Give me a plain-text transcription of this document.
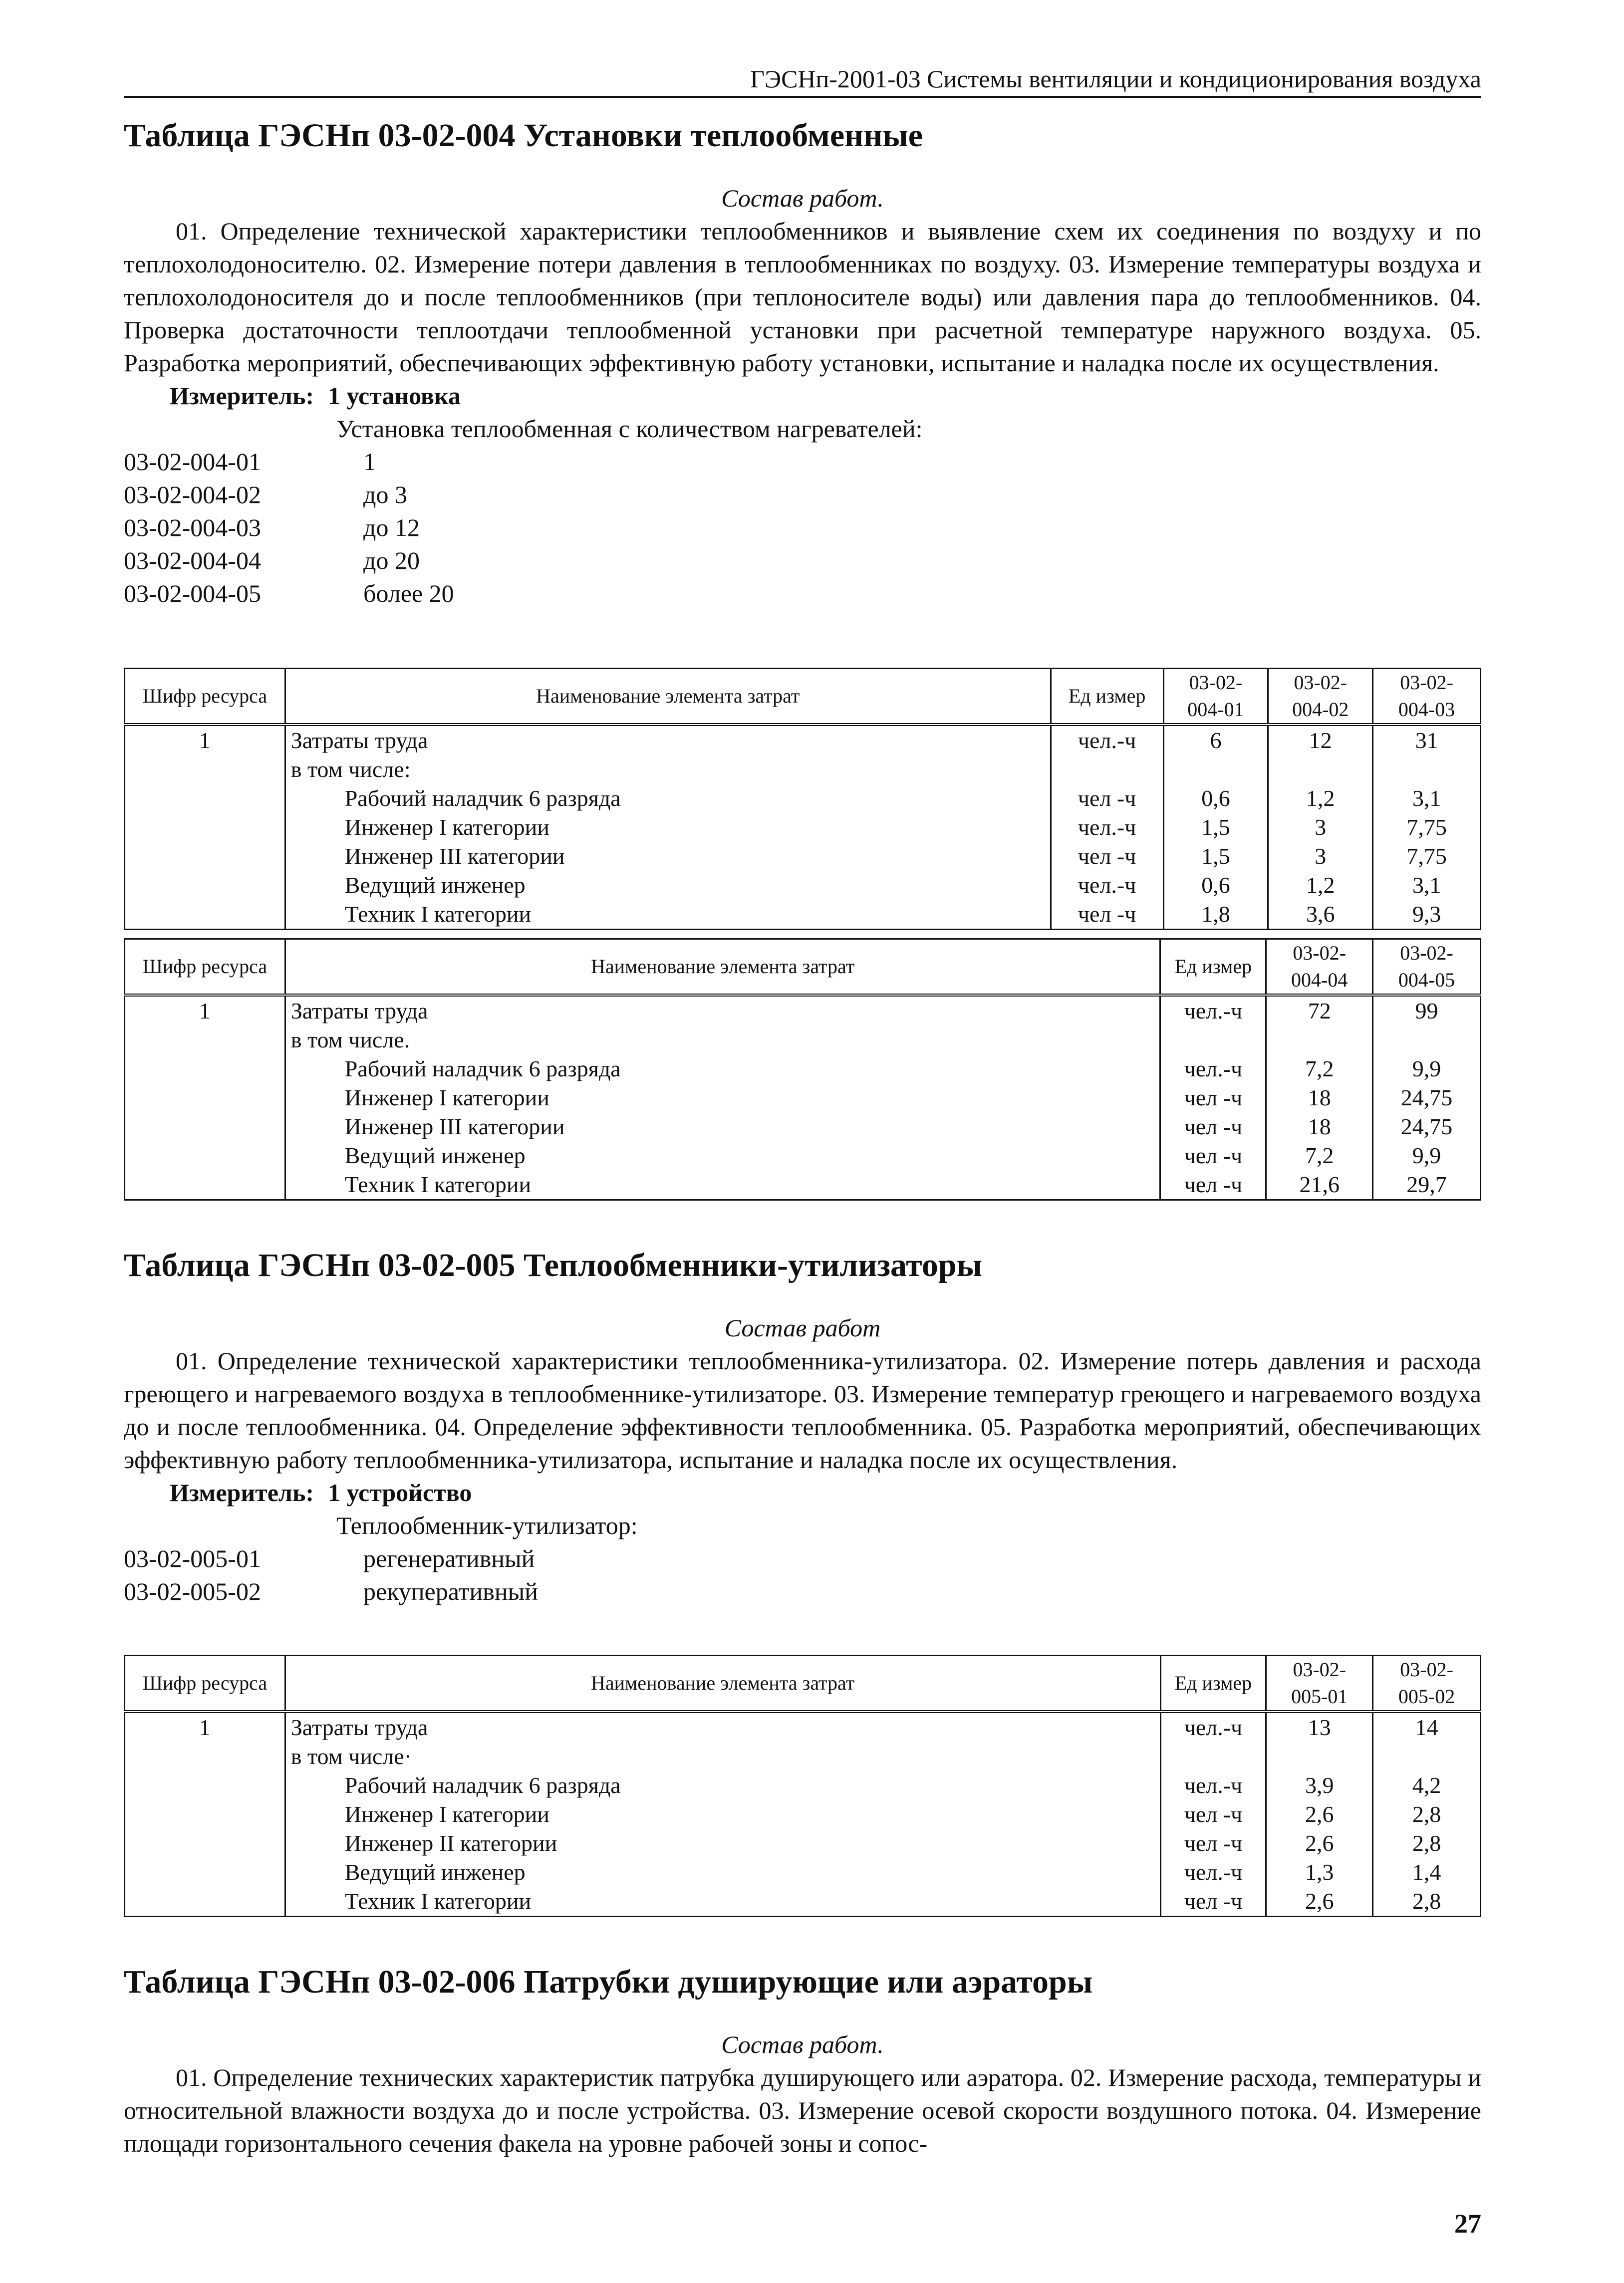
ГЭСНп-2001-03 Системы вентиляции и кондиционирования воздуха
Таблица ГЭСНп 03-02-004 Установки теплообменные

Состав работ.

01. Определение технической характеристики теплообменников и выявление схем их соединения по воздуху и по теплохолодоносителю. 02. Измерение потери давления в теплообменниках по воздуху. 03. Измерение температуры воздуха и теплохолодоносителя до и после теплообменников (при теплоносителе воды) или давления пара до теплообменников. 04. Проверка достаточности теплоотдачи теплообменной установки при расчетной температуре наружного воздуха. 05. Разработка мероприятий, обеспечивающих эффективную работу установки, испытание и наладка после их осуществления.

Измеритель: 1 установка

Установка теплообменная с количеством нагревателей:

03-02-004-01	1

03-02-004-02	до 3

03-02-004-03	до 12

03-02-004-04	до 20

03-02-004-05	более 20

Шифр ресурса	Наименование элемента затрат	Ед измер	03-02-
004-01	03-02-
004-02	03-02-
004-03
1	Затраты труда	чел.-ч	6	12	31
	в том числе:				
	Рабочий наладчик 6 разряда	чел -ч	0,6	1,2	3,1
	Инженер I категории	чел.-ч	1,5	3	7,75
	Инженер III категории	чел -ч	1,5	3	7,75
	Ведущий инженер	чел.-ч	0,6	1,2	3,1
	Техник I категории	чел -ч	1,8	3,6	9,3
Шифр ресурса	Наименование элемента затрат	Ед измер	03-02-
004-04	03-02-
004-05
1	Затраты труда	чел.-ч	72	99
	в том числе.			
	Рабочий наладчик 6 разряда	чел.-ч	7,2	9,9
	Инженер I категории	чел -ч	18	24,75
	Инженер III категории	чел -ч	18	24,75
	Ведущий инженер	чел -ч	7,2	9,9
	Техник I категории	чел -ч	21,6	29,7
Таблица ГЭСНп 03-02-005 Теплообменники-утилизаторы

Состав работ

01. Определение технической характеристики теплообменника-утилизатора. 02. Измерение потерь давления и расхода греющего и нагреваемого воздуха в теплообменнике-утилизаторе. 03. Измерение температур греющего и нагреваемого воздуха до и после теплообменника. 04. Определение эффективности теплообменника. 05. Разработка мероприятий, обеспечивающих эффективную работу теплообменника-утилизатора, испытание и наладка после их осуществления.

Измеритель: 1 устройство

Теплообменник-утилизатор:

03-02-005-01	регенеративный

03-02-005-02	рекуперативный

Шифр ресурса	Наименование элемента затрат	Ед измер	03-02-
005-01	03-02-
005-02
1	Затраты труда	чел.-ч	13	14
	в том числе·			
	Рабочий наладчик 6 разряда	чел.-ч	3,9	4,2
	Инженер I категории	чел -ч	2,6	2,8
	Инженер II категории	чел -ч	2,6	2,8
	Ведущий инженер	чел.-ч	1,3	1,4
	Техник I категории	чел -ч	2,6	2,8
Таблица ГЭСНп 03-02-006 Патрубки душирующие или аэраторы

Состав работ.

01. Определение технических характеристик патрубка душирующего или аэратора. 02. Измерение расхода, температуры и относительной влажности воздуха до и после устройства. 03. Измерение осевой скорости воздушного потока. 04. Измерение площади горизонтального сечения факела на уровне рабочей зоны и сопос-

27
